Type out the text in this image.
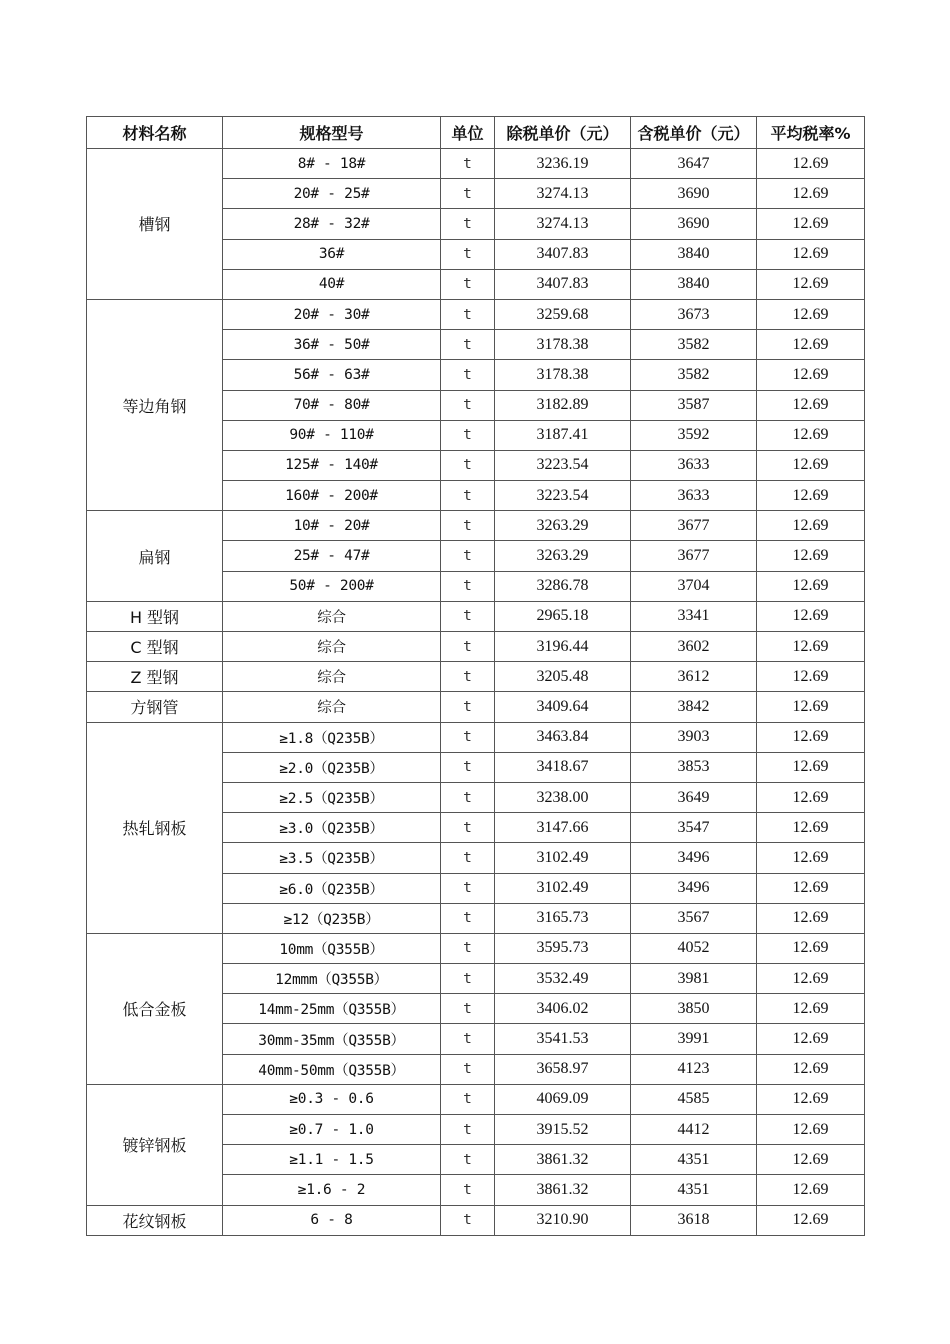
材料名称	规格型号	单位	除税单价（元）	含税单价（元）	平均税率%
槽钢	8# - 18#	t	3236.19	3647	12.69
	20# - 25#	t	3274.13	3690	12.69
	28# - 32#	t	3274.13	3690	12.69
	36#	t	3407.83	3840	12.69
	40#	t	3407.83	3840	12.69
等边角钢	20# - 30#	t	3259.68	3673	12.69
	36# - 50#	t	3178.38	3582	12.69
	56# - 63#	t	3178.38	3582	12.69
	70# - 80#	t	3182.89	3587	12.69
	90# - 110#	t	3187.41	3592	12.69
	125# - 140#	t	3223.54	3633	12.69
	160# - 200#	t	3223.54	3633	12.69
扁钢	10# - 20#	t	3263.29	3677	12.69
	25# - 47#	t	3263.29	3677	12.69
	50# - 200#	t	3286.78	3704	12.69
H 型钢	综合	t	2965.18	3341	12.69
C 型钢	综合	t	3196.44	3602	12.69
Z 型钢	综合	t	3205.48	3612	12.69
方钢管	综合	t	3409.64	3842	12.69
热轧钢板	≥1.8（Q235B）	t	3463.84	3903	12.69
	≥2.0（Q235B）	t	3418.67	3853	12.69
	≥2.5（Q235B）	t	3238.00	3649	12.69
	≥3.0（Q235B）	t	3147.66	3547	12.69
	≥3.5（Q235B）	t	3102.49	3496	12.69
	≥6.0（Q235B）	t	3102.49	3496	12.69
	≥12（Q235B）	t	3165.73	3567	12.69
低合金板	10mm（Q355B）	t	3595.73	4052	12.69
	12mmm（Q355B）	t	3532.49	3981	12.69
	14mm-25mm（Q355B）	t	3406.02	3850	12.69
	30mm-35mm（Q355B）	t	3541.53	3991	12.69
	40mm-50mm（Q355B）	t	3658.97	4123	12.69
镀锌钢板	≥0.3 - 0.6	t	4069.09	4585	12.69
	≥0.7 - 1.0	t	3915.52	4412	12.69
	≥1.1 - 1.5	t	3861.32	4351	12.69
	≥1.6 - 2	t	3861.32	4351	12.69
花纹钢板	6 - 8	t	3210.90	3618	12.69
